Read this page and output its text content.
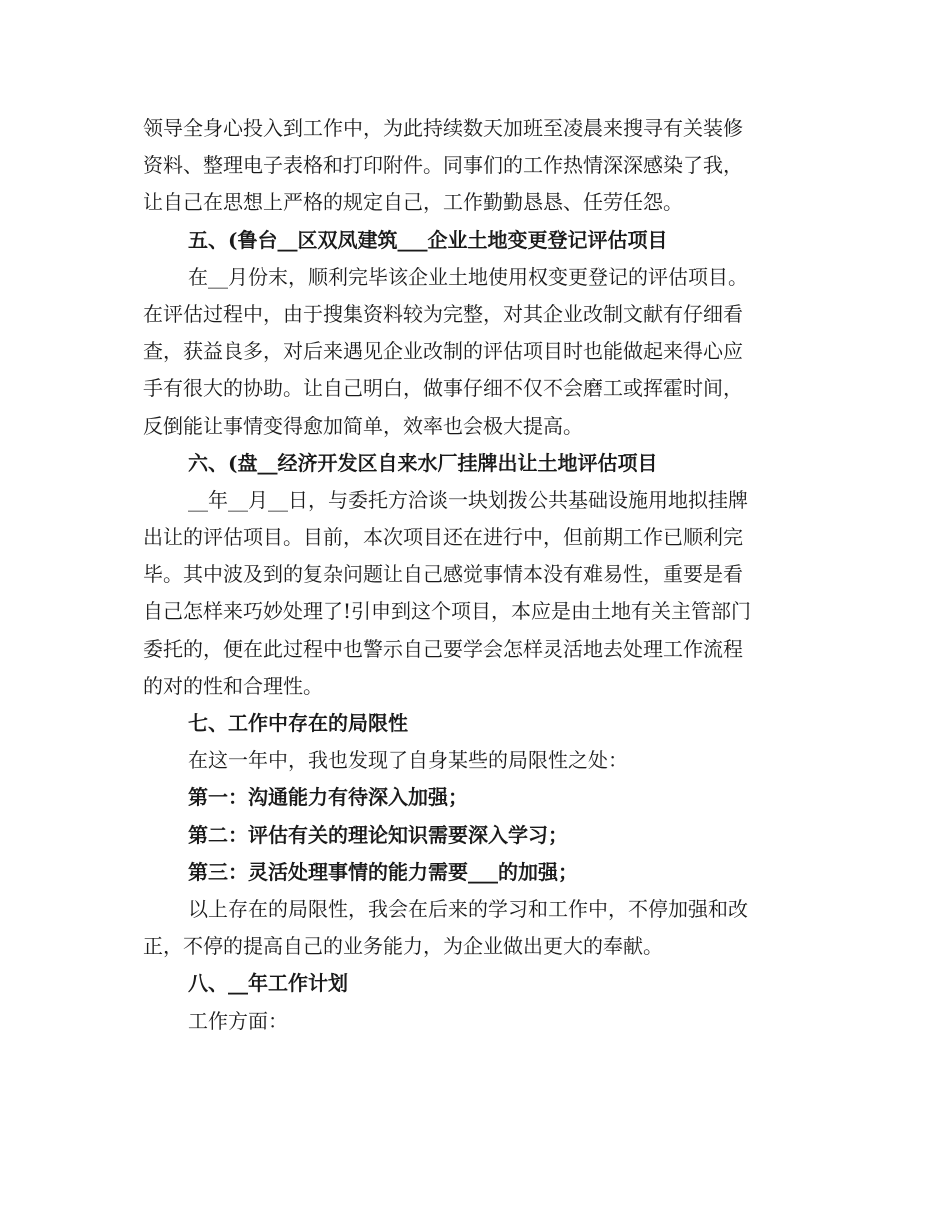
领导全身心投入到工作中，为此持续数天加班至凌晨来搜寻有关装修
资料、整理电子表格和打印附件。同事们的工作热情深深感染了我，
让自己在思想上严格的规定自己，工作勤勤恳恳、任劳任怨。
五、(鲁台__区双凤建筑___企业土地变更登记评估项目
在__月份末，顺利完毕该企业土地使用权变更登记的评估项目。
在评估过程中，由于搜集资料较为完整，对其企业改制文献有仔细看
查，获益良多，对后来遇见企业改制的评估项目时也能做起来得心应
手有很大的协助。让自己明白，做事仔细不仅不会磨工或挥霍时间，
反倒能让事情变得愈加简单，效率也会极大提高。
六、(盘__经济开发区自来水厂挂牌出让土地评估项目
__年__月__日，与委托方洽谈一块划拨公共基础设施用地拟挂牌
出让的评估项目。目前，本次项目还在进行中，但前期工作已顺利完
毕。其中波及到的复杂问题让自己感觉事情本没有难易性，重要是看
自己怎样来巧妙处理了!引申到这个项目，本应是由土地有关主管部门
委托的，便在此过程中也警示自己要学会怎样灵活地去处理工作流程
的对的性和合理性。
七、工作中存在的局限性
在这一年中，我也发现了自身某些的局限性之处：
第一：沟通能力有待深入加强；
第二：评估有关的理论知识需要深入学习；
第三：灵活处理事情的能力需要___的加强；
以上存在的局限性，我会在后来的学习和工作中，不停加强和改
正，不停的提高自己的业务能力，为企业做出更大的奉献。
八、__年工作计划
工作方面：
